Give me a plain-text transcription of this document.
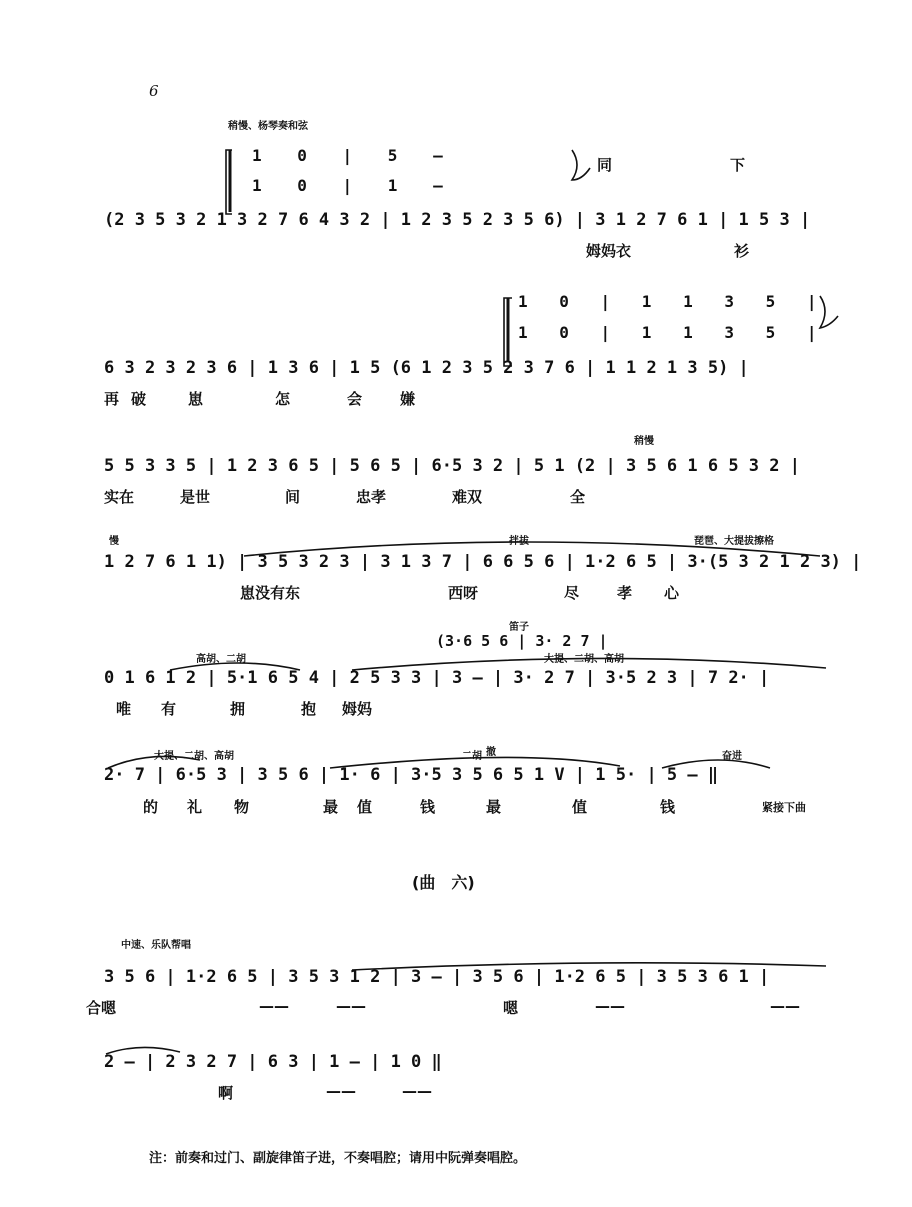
6
稍慢、杨琴奏和弦
1 0 | 5 –
1 0 | 1 –
同	下
(2 3 5 3 2 1 3 2 7 6 4 3 2 | 1 2 3 5 2 3 5 6) | 3 1 2 7 6 1 | 1 5 3 |
姆妈衣	衫
1 0 | 1 1 3 5 |
1 0 | 1 1 3 5 |
6 3 2 3 2 3 6 | 1 3 6 | 1 5 (6 1 2 3 5 2 3 7 6 | 1 1 2 1 3 5) |
再 破	崽	怎	会	嫌
稍慢
5 5 3 3 5 | 1 2 3 6 5 | 5 6 5 | 6·5 3 2 | 5 1 (2 | 3 5 6 1 6 5 3 2 |
实在	是世	间	忠孝	难双	全
慢	拌拔	琵琶、大提拔擦格
1 2 7 6 1 1) | 3 5 3 2 3 | 3 1 3 7 | 6 6 5 6 | 1·2 6 5 | 3·(5 3 2 1 2 3) |
崽没有东	西呀	尽	孝 心
笛子
(3·6 5 6 | 3· 2 7 |
高胡、二胡	大提、二胡、高胡
0 1 6 1 2 | 5·1 6 5 4 | 2 5 3 3 | 3 – | 3· 2 7 | 3·5 2 3 | 7 2· |
唯 有	拥	抱 姆妈
大提、二胡、高胡	二胡 撤	奋进
2· 7 | 6·5 3 | 3 5 6 | 1· 6 | 3·5 3 5 6 5 1 V | 1 5· | 5 – ‖
的 礼 物	最 值	钱	最	值	钱	紧接下曲
(曲　六)
中速、乐队帮唱
3 5 6 | 1·2 6 5 | 3 5 3 1 2 | 3 – | 3 5 6 | 1·2 6 5 | 3 5 3 6 1 |
合嗯	——	——	嗯	——	——
2 – | 2 3 2 7 | 6 3 | 1 – | 1 0 ‖
啊	——	——
注：前奏和过门、副旋律笛子进，不奏唱腔；请用中阮弹奏唱腔。
